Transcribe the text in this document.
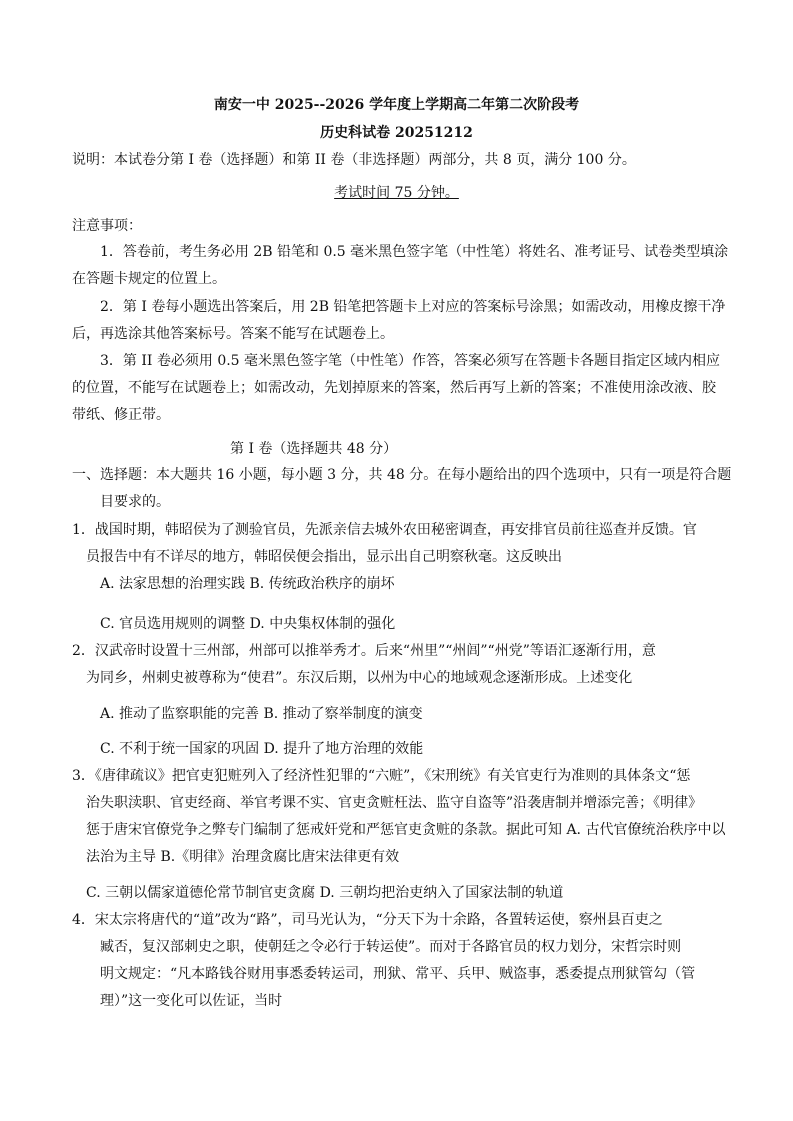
南安一中 2025--2026 学年度上学期高二年第二次阶段考
历史科试卷 20251212
说明：本试卷分第 I 卷（选择题）和第 II 卷（非选择题）两部分，共 8 页，满分 100 分。
考试时间 75 分钟。
注意事项：
1．答卷前，考生务必用 2B 铅笔和 0.5 毫米黑色签字笔（中性笔）将姓名、准考证号、试卷类型填涂
在答题卡规定的位置上。
2．第 I 卷每小题选出答案后，用 2B 铅笔把答题卡上对应的答案标号涂黑；如需改动，用橡皮擦干净
后，再选涂其他答案标号。答案不能写在试题卷上。
3．第 II 卷必须用 0.5 毫米黑色签字笔（中性笔）作答，答案必须写在答题卡各题目指定区域内相应
的位置，不能写在试题卷上；如需改动，先划掉原来的答案，然后再写上新的答案；不准使用涂改液、胶
带纸、修正带。
第 I 卷（选择题共 48 分）
一、选择题：本大题共 16 小题，每小题 3 分，共 48 分。在每小题给出的四个选项中，只有一项是符合题
目要求的。
1．战国时期，韩昭侯为了测验官员，先派亲信去城外农田秘密调查，再安排官员前往巡查并反馈。官
员报告中有不详尽的地方，韩昭侯便会指出，显示出自己明察秋毫。这反映出
A. 法家思想的治理实践 B. 传统政治秩序的崩坏
C. 官员选用规则的调整 D. 中央集权体制的强化
2．汉武帝时设置十三州部，州部可以推举秀才。后来“州里”“州闾”“州党”等语汇逐渐行用，意
为同乡，州刺史被尊称为“使君”。东汉后期，以州为中心的地域观念逐渐形成。上述变化
A. 推动了监察职能的完善 B. 推动了察举制度的演变
C. 不利于统一国家的巩固 D. 提升了地方治理的效能
3．《唐律疏议》把官吏犯赃列入了经济性犯罪的“六赃”，《宋刑统》有关官吏行为准则的具体条文“惩
治失职渎职、官吏经商、举官考课不实、官吏贪赃枉法、监守自盗等”沿袭唐制并增添完善；《明律》
惩于唐宋官僚党争之弊专门编制了惩戒奸党和严惩官吏贪赃的条款。据此可知 A. 古代官僚统治秩序中以
法治为主导 B.《明律》治理贪腐比唐宋法律更有效
C. 三朝以儒家道德伦常节制官吏贪腐 D. 三朝均把治吏纳入了国家法制的轨道
4．宋太宗将唐代的“道”改为“路”，司马光认为，“分天下为十余路，各置转运使，察州县百吏之
臧否，复汉部刺史之职，使朝廷之令必行于转运使”。而对于各路官员的权力划分，宋哲宗时则
明文规定：“凡本路钱谷财用事悉委转运司，刑狱、常平、兵甲、贼盗事，悉委提点刑狱管勾（管
理）”这一变化可以佐证，当时
